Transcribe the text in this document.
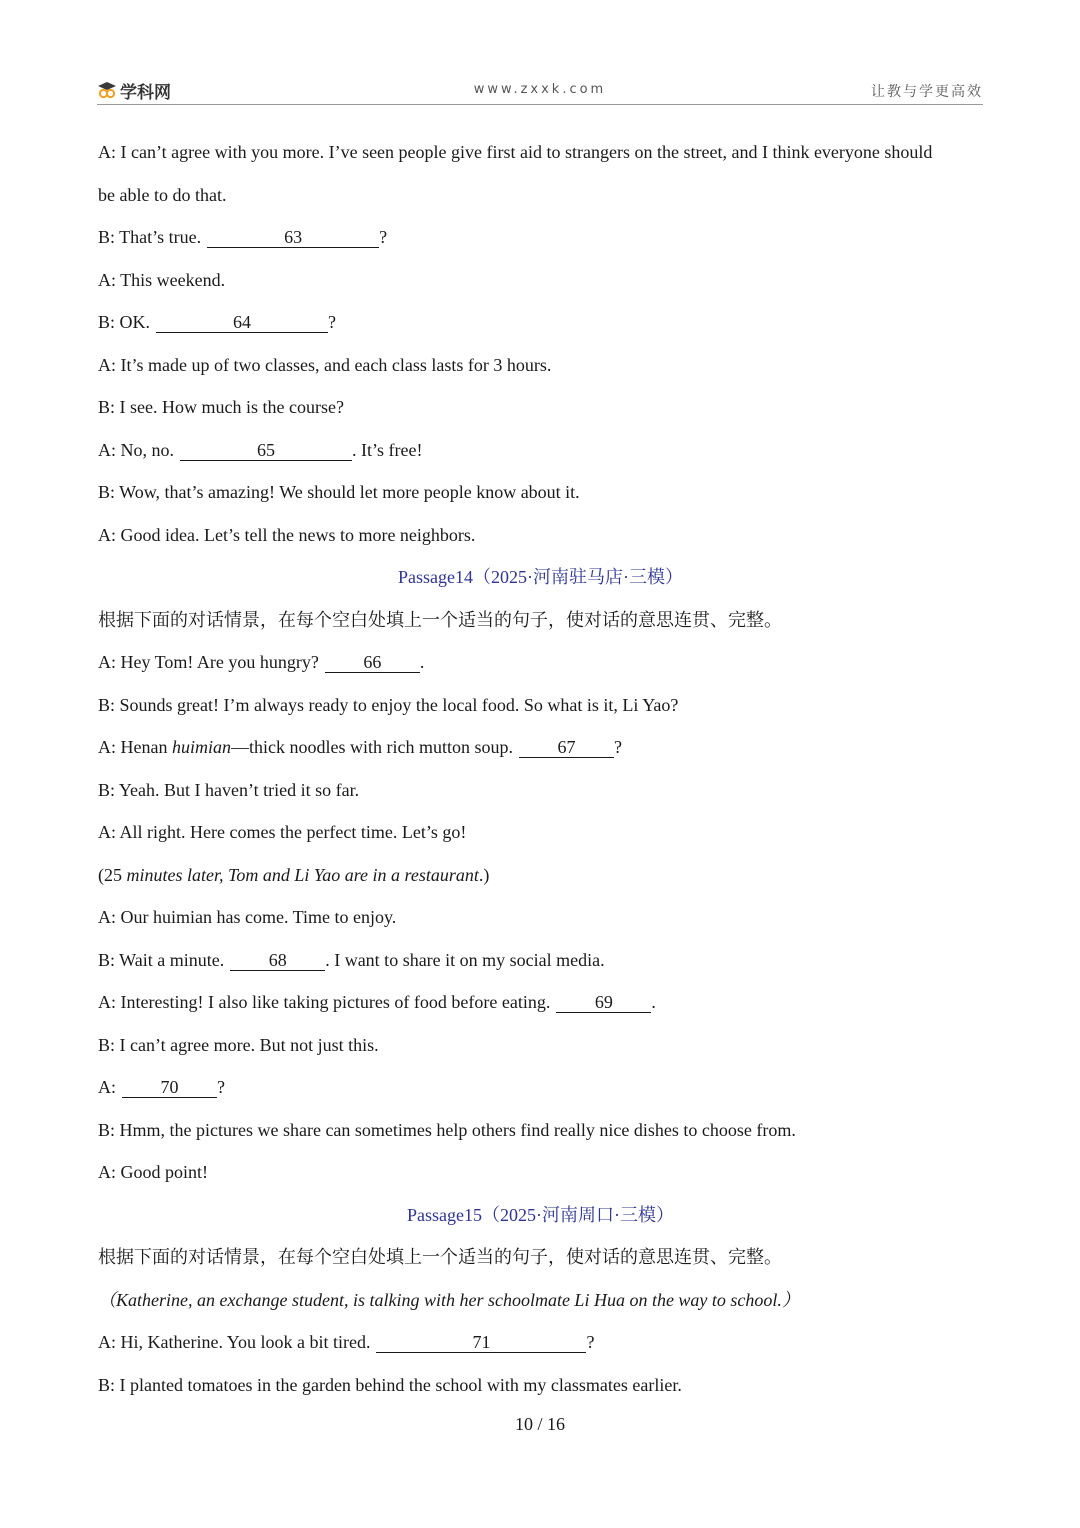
学科网	www.zxxk.com	让教与学更高效
A: I can’t agree with you more. I’ve seen people give first aid to strangers on the street, and I think everyone should
be able to do that.
B: That’s true.	63	?
A: This weekend.
B: OK.	64	?
A: It’s made up of two classes, and each class lasts for 3 hours.
B: I see. How much is the course?
A: No, no.	65	. It’s free!
B: Wow, that’s amazing! We should let more people know about it.
A: Good idea. Let’s tell the news to more neighbors.
Passage14（2025·河南驻马店·三模）
根据下面的对话情景，在每个空白处填上一个适当的句子，使对话的意思连贯、完整。
A: Hey Tom! Are you hungry? 66 .
B: Sounds great! I’m always ready to enjoy the local food. So what is it, Li Yao?
A: Henan huimian—thick noodles with rich mutton soup. 67 ?
B: Yeah. But I haven’t tried it so far.
A: All right. Here comes the perfect time. Let’s go!
(25 minutes later, Tom and Li Yao are in a restaurant.)
A: Our huimian has come. Time to enjoy.
B: Wait a minute. 68 . I want to share it on my social media.
A: Interesting! I also like taking pictures of food before eating. 69 .
B: I can’t agree more. But not just this.
A: 70 ?
B: Hmm, the pictures we share can sometimes help others find really nice dishes to choose from.
A: Good point!
Passage15（2025·河南周口·三模）
根据下面的对话情景，在每个空白处填上一个适当的句子，使对话的意思连贯、完整。
（Katherine, an exchange student, is talking with her schoolmate Li Hua on the way to school.）
A: Hi, Katherine. You look a bit tired.	71	?
B: I planted tomatoes in the garden behind the school with my classmates earlier.
10 / 16
